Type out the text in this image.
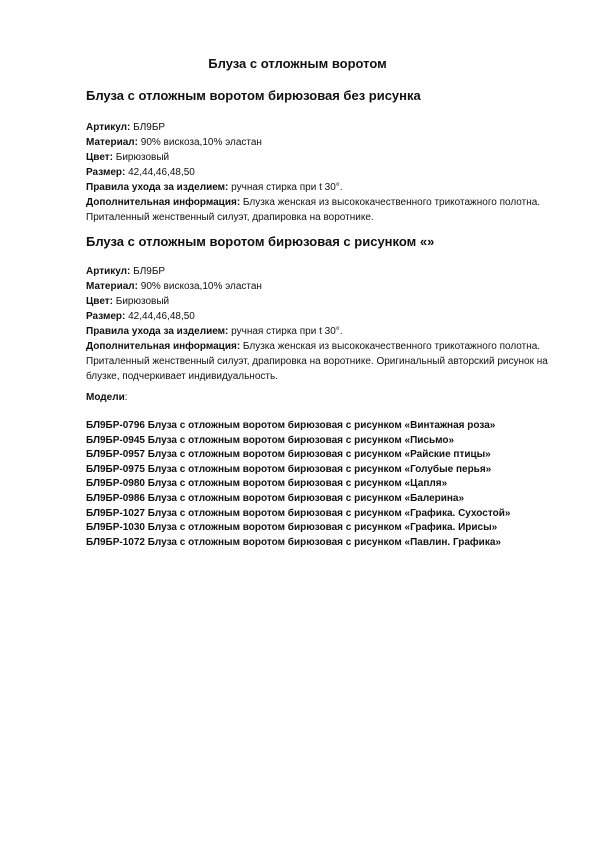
Блуза с отложным воротом
Блуза с отложным воротом бирюзовая без рисунка

Артикул: БЛ9БР

Материал: 90% вискоза,10% эластан

Цвет: Бирюзовый

Размер: 42,44,46,48,50

Правила ухода за изделием: ручная стирка при t 30°.

Дополнительная информация: Блузка женская из высококачественного трикотажного полотна. Приталенный женственный силуэт, драпировка на воротнике.

Блуза с отложным воротом бирюзовая с рисунком «»

Артикул: БЛ9БР

Материал: 90% вискоза,10% эластан

Цвет: Бирюзовый

Размер: 42,44,46,48,50

Правила ухода за изделием: ручная стирка при t 30°.

Дополнительная информация: Блузка женская из высококачественного трикотажного полотна. Приталенный женственный силуэт, драпировка на воротнике. Оригинальный авторский рисунок на блузке, подчеркивает индивидуальность.

Модели:

БЛ9БР-0796 Блуза с отложным воротом бирюзовая с рисунком «Винтажная роза»

БЛ9БР-0945 Блуза с отложным воротом бирюзовая с рисунком «Письмо»

БЛ9БР-0957 Блуза с отложным воротом бирюзовая с рисунком «Райские птицы»

БЛ9БР-0975 Блуза с отложным воротом бирюзовая с рисунком «Голубые перья»

БЛ9БР-0980 Блуза с отложным воротом бирюзовая с рисунком «Цапля»

БЛ9БР-0986 Блуза с отложным воротом бирюзовая с рисунком «Балерина»

БЛ9БР-1027 Блуза с отложным воротом бирюзовая с рисунком «Графика. Сухостой»

БЛ9БР-1030 Блуза с отложным воротом бирюзовая с рисунком «Графика. Ирисы»

БЛ9БР-1072 Блуза с отложным воротом бирюзовая с рисунком «Павлин. Графика»
